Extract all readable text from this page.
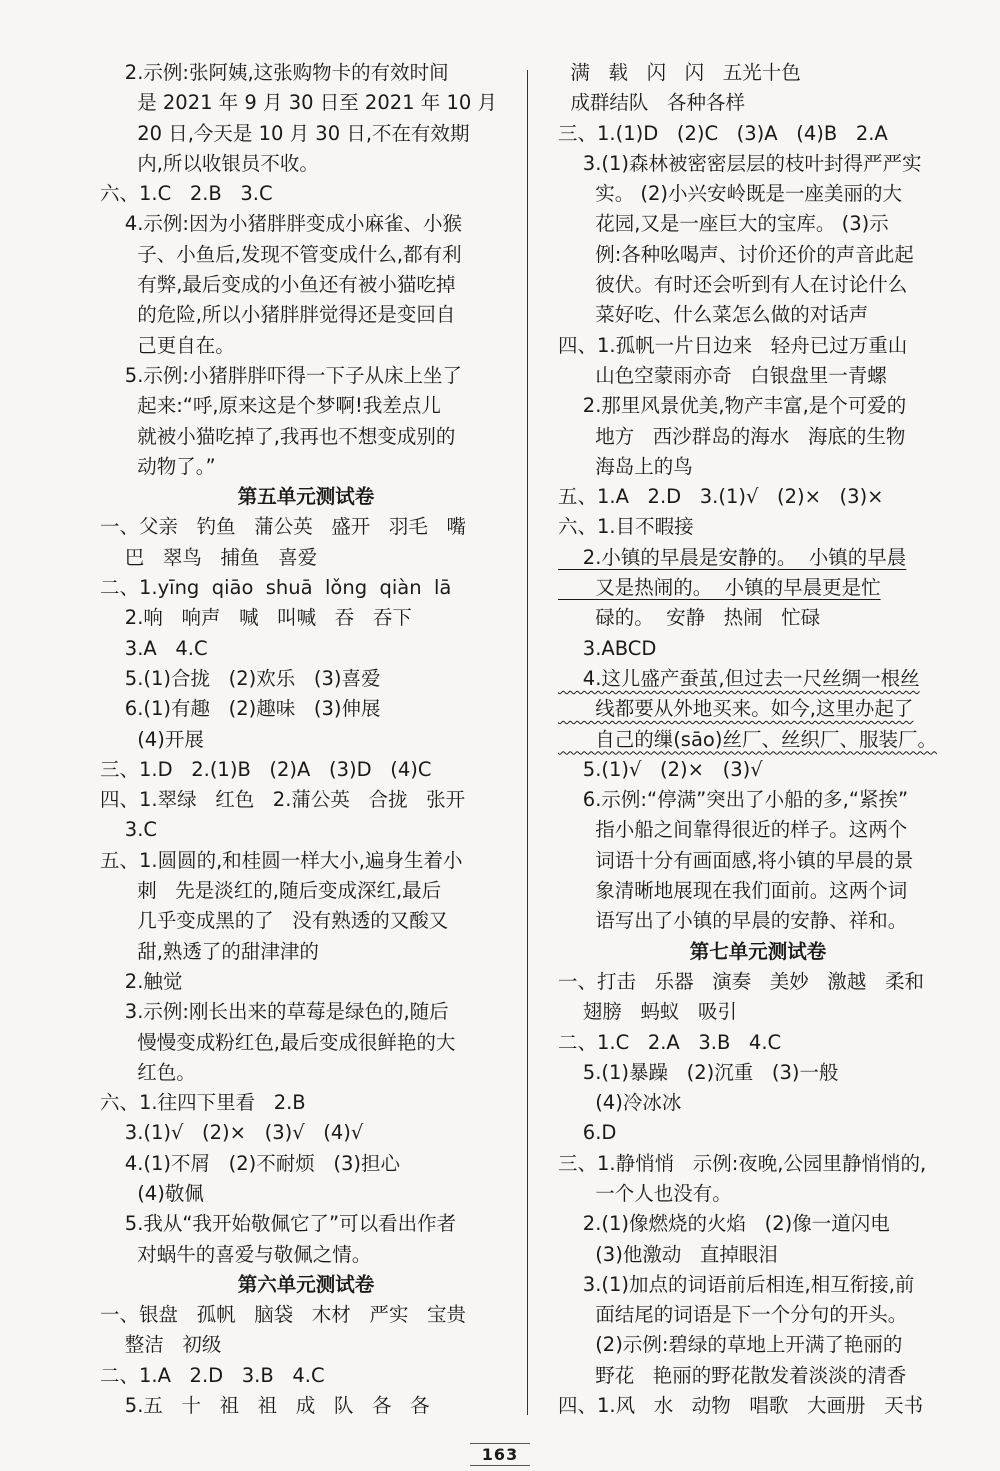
2.示例:张阿姨,这张购物卡的有效时间
是 2021 年 9 月 30 日至 2021 年 10 月
20 日,今天是 10 月 30 日,不在有效期
内,所以收银员不收。
六、1.C   2.B   3.C
4.示例:因为小猪胖胖变成小麻雀、小猴
子、小鱼后,发现不管变成什么,都有利
有弊,最后变成的小鱼还有被小猫吃掉
的危险,所以小猪胖胖觉得还是变回自
己更自在。
5.示例:小猪胖胖吓得一下子从床上坐了
起来:“呼,原来这是个梦啊!我差点儿
就被小猫吃掉了,我再也不想变成别的
动物了。”
第五单元测试卷
一、父亲   钓鱼   蒲公英   盛开   羽毛   嘴
巴   翠鸟   捕鱼   喜爱
二、1.yīng  qiāo  shuā  lǒng  qiàn  lā
2.响   响声   喊   叫喊   吞   吞下
3.A   4.C
5.(1)合拢   (2)欢乐   (3)喜爱
6.(1)有趣   (2)趣味   (3)伸展
(4)开展
三、1.D   2.(1)B   (2)A   (3)D   (4)C
四、1.翠绿   红色   2.蒲公英   合拢   张开
3.C
五、1.圆圆的,和桂圆一样大小,遍身生着小
刺   先是淡红的,随后变成深红,最后
几乎变成黑的了   没有熟透的又酸又
甜,熟透了的甜津津的
2.触觉
3.示例:刚长出来的草莓是绿色的,随后
慢慢变成粉红色,最后变成很鲜艳的大
红色。
六、1.往四下里看   2.B
3.(1)√   (2)×   (3)√   (4)√
4.(1)不屑   (2)不耐烦   (3)担心
(4)敬佩
5.我从“我开始敬佩它了”可以看出作者
对蜗牛的喜爱与敬佩之情。
第六单元测试卷
一、银盘   孤帆   脑袋   木材   严实   宝贵
整洁   初级
二、1.A   2.D   3.B   4.C
5.五   十   祖   祖   成   队   各   各
满   载   闪   闪   五光十色
成群结队   各种各样
三、1.(1)D   (2)C   (3)A   (4)B   2.A
3.(1)森林被密密层层的枝叶封得严严实
实。 (2)小兴安岭既是一座美丽的大
花园,又是一座巨大的宝库。 (3)示
例:各种吆喝声、讨价还价的声音此起
彼伏。有时还会听到有人在讨论什么
菜好吃、什么菜怎么做的对话声
四、1.孤帆一片日边来   轻舟已过万重山
山色空蒙雨亦奇   白银盘里一青螺
2.那里风景优美,物产丰富,是个可爱的
地方   西沙群岛的海水   海底的生物
海岛上的鸟
五、1.A   2.D   3.(1)√   (2)×   (3)×
六、1.目不暇接
2.小镇的早晨是安静的。  小镇的早晨
又是热闹的。  小镇的早晨更是忙
碌的。  安静   热闹   忙碌
3.ABCD
4.这儿盛产蚕茧,但过去一尺丝绸一根丝
线都要从外地买来。如今,这里办起了
自己的缫(sāo)丝厂、丝织厂、服装厂。
5.(1)√   (2)×   (3)√
6.示例:“停满”突出了小船的多,“紧挨”
指小船之间靠得很近的样子。这两个
词语十分有画面感,将小镇的早晨的景
象清晰地展现在我们面前。这两个词
语写出了小镇的早晨的安静、祥和。
第七单元测试卷
一、打击   乐器   演奏   美妙   激越   柔和
翅膀   蚂蚁   吸引
二、1.C   2.A   3.B   4.C
5.(1)暴躁   (2)沉重   (3)一般
(4)冷冰冰
6.D
三、1.静悄悄   示例:夜晚,公园里静悄悄的,
一个人也没有。
2.(1)像燃烧的火焰   (2)像一道闪电
(3)他激动   直掉眼泪
3.(1)加点的词语前后相连,相互衔接,前
面结尾的词语是下一个分句的开头。
(2)示例:碧绿的草地上开满了艳丽的
野花   艳丽的野花散发着淡淡的清香
四、1.风   水   动物   唱歌   大画册   天书
163
